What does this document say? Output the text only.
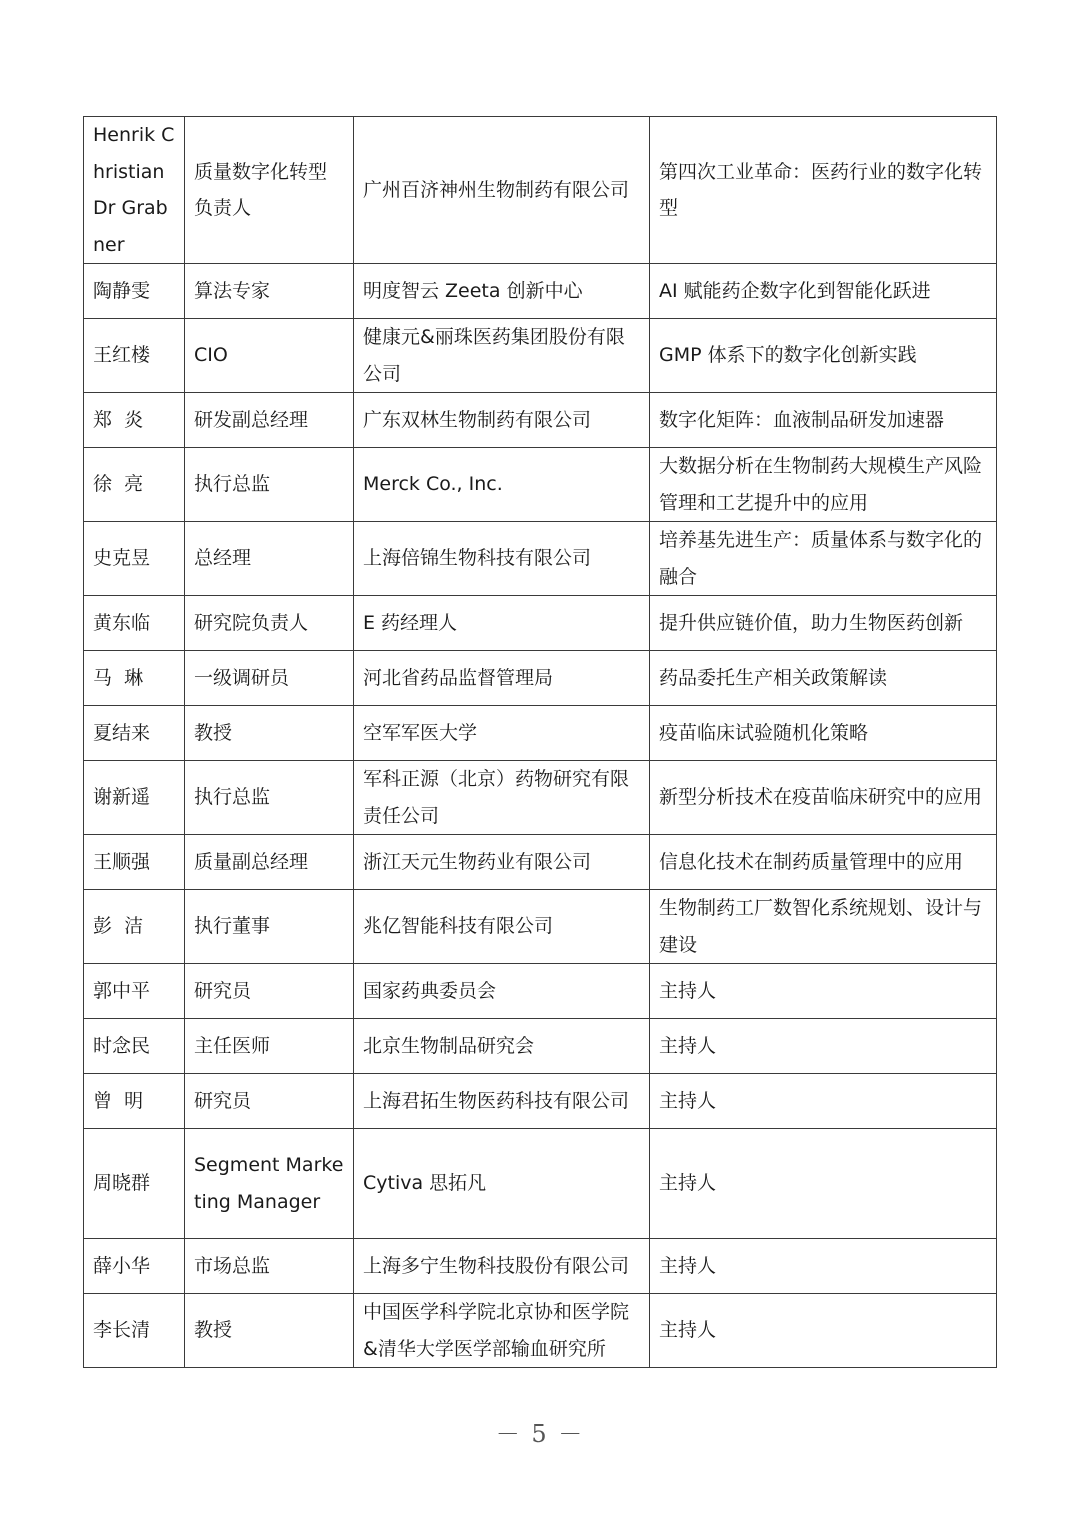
Henrik Christian Dr Grabner	质量数字化转型负责人	广州百济神州生物制药有限公司	第四次工业革命：医药行业的数字化转型
陶静雯	算法专家	明度智云 Zeeta 创新中心	AI 赋能药企数字化到智能化跃进
王红楼	CIO	健康元&丽珠医药集团股份有限公司	GMP 体系下的数字化创新实践
郑  炎	研发副总经理	广东双林生物制药有限公司	数字化矩阵：血液制品研发加速器
徐  亮	执行总监	Merck Co., Inc.	大数据分析在生物制药大规模生产风险管理和工艺提升中的应用
史克昱	总经理	上海倍锦生物科技有限公司	培养基先进生产：质量体系与数字化的融合
黄东临	研究院负责人	E 药经理人	提升供应链价值，助力生物医药创新
马  琳	一级调研员	河北省药品监督管理局	药品委托生产相关政策解读
夏结来	教授	空军军医大学	疫苗临床试验随机化策略
谢新遥	执行总监	军科正源（北京）药物研究有限责任公司	新型分析技术在疫苗临床研究中的应用
王顺强	质量副总经理	浙江天元生物药业有限公司	信息化技术在制药质量管理中的应用
彭  洁	执行董事	兆亿智能科技有限公司	生物制药工厂数智化系统规划、设计与建设
郭中平	研究员	国家药典委员会	主持人
时念民	主任医师	北京生物制品研究会	主持人
曾  明	研究员	上海君拓生物医药科技有限公司	主持人
周晓群	Segment Marketing Manager	Cytiva 思拓凡	主持人
薛小华	市场总监	上海多宁生物科技股份有限公司	主持人
李长清	教授	中国医学科学院北京协和医学院&清华大学医学部输血研究所	主持人
－ 5 －
